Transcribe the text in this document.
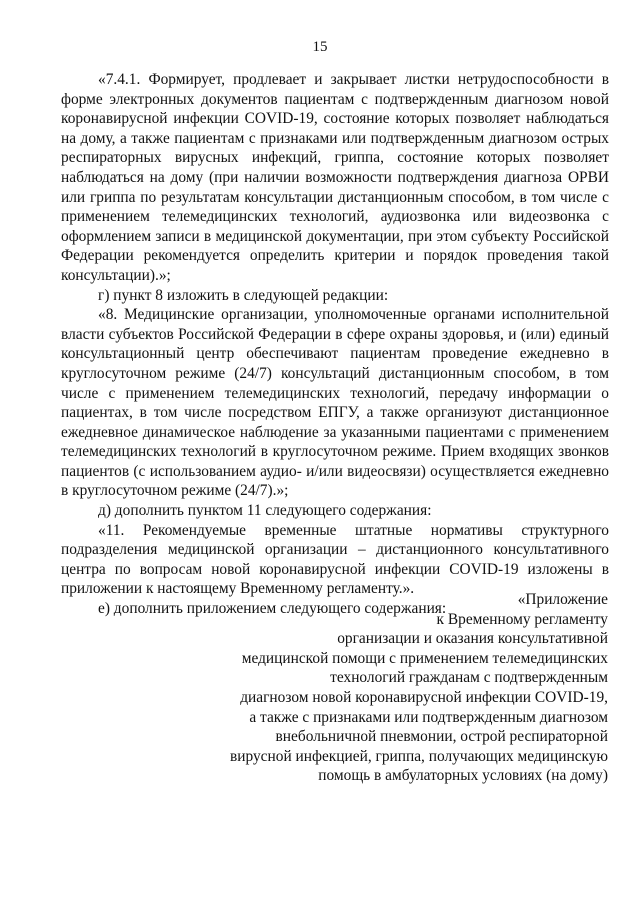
15

«7.4.1. Формирует, продлевает и закрывает листки нетрудоспособности в форме электронных документов пациентам с подтвержденным диагнозом новой коронавирусной инфекции COVID-19, состояние которых позволяет наблюдаться на дому, а также пациентам с признаками или подтвержденным диагнозом острых респираторных вирусных инфекций, гриппа, состояние которых позволяет наблюдаться на дому (при наличии возможности подтверждения диагноза ОРВИ или гриппа по результатам консультации дистанционным способом, в том числе с применением телемедицинских технологий, аудиозвонка или видеозвонка с оформлением записи в медицинской документации, при этом субъекту Российской Федерации рекомендуется определить критерии и порядок проведения такой консультации).»;

г) пункт 8 изложить в следующей редакции:

«8. Медицинские организации, уполномоченные органами исполнительной власти субъектов Российской Федерации в сфере охраны здоровья, и (или) единый консультационный центр обеспечивают пациентам проведение ежедневно в круглосуточном режиме (24/7) консультаций дистанционным способом, в том числе с применением телемедицинских технологий, передачу информации о пациентах, в том числе посредством ЕПГУ, а также организуют дистанционное ежедневное динамическое наблюдение за указанными пациентами с применением телемедицинских технологий в круглосуточном режиме. Прием входящих звонков пациентов (с использованием аудио- и/или видеосвязи) осуществляется ежедневно в круглосуточном режиме (24/7).»;

д) дополнить пунктом 11 следующего содержания:

«11. Рекомендуемые временные штатные нормативы структурного подразделения медицинской организации – дистанционного консультативного центра по вопросам новой коронавирусной инфекции COVID-19 изложены в приложении к настоящему Временному регламенту.».

е) дополнить приложением следующего содержания:

«Приложение
к Временному регламенту
организации и оказания консультативной
медицинской помощи с применением телемедицинских
технологий гражданам с подтвержденным
диагнозом новой коронавирусной инфекции COVID-19,
а также с признаками или подтвержденным диагнозом
внебольничной пневмонии, острой респираторной
вирусной инфекцией, гриппа, получающих медицинскую
помощь в амбулаторных условиях (на дому)
